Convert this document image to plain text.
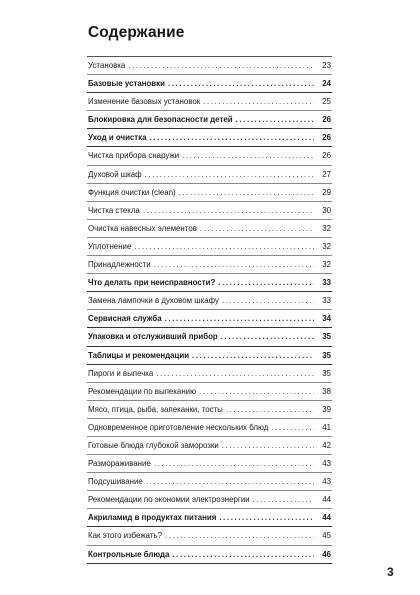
Содержание
Установка .....	23
Базовые установки .....	24
Изменение базовых установок .....	25
Блокировка для безопасности детей .....	26
Уход и очистка .....	26
Чистка прибора снаружи .....	26
Духовой шкаф .....	27
Функция очистки (clean) .....	29
Чистка стекла .....	30
Очистка навесных элементов .....	32
Уплотнение .....	32
Принадлежности .....	32
Что делать при неисправности? .....	33
Замена лампочки в духовом шкафу .....	33
Сервисная служба .....	34
Упаковка и отслуживший прибор .....	35
Таблицы и рекомендации .....	35
Пироги и выпечка .....	35
Рекомендации по выпеканию .....	38
Мясо, птица, рыба, запеканки, тосты .....	39
Одновременное приготовление нескольких блюд .....	41
Готовые блюда глубокой заморозки .....	42
Размораживание .....	43
Подсушивание .....	43
Рекомендации по экономии электроэнергии .....	44
Акриламид в продуктах питания .....	44
Как этого избежать? .....	45
Контрольные блюда .....	46
3
